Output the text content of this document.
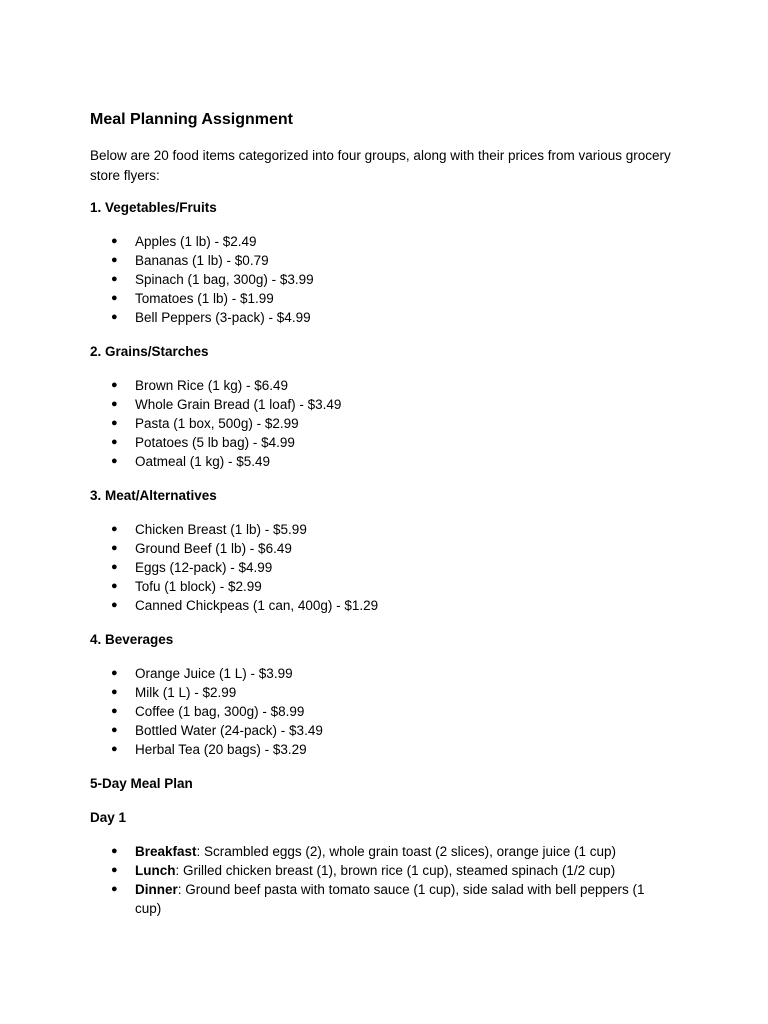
Meal Planning Assignment
Below are 20 food items categorized into four groups, along with their prices from various grocery store flyers:
1. Vegetables/Fruits
● Apples (1 lb) - $2.49
● Bananas (1 lb) - $0.79
● Spinach (1 bag, 300g) - $3.99
● Tomatoes (1 lb) - $1.99
● Bell Peppers (3-pack) - $4.99
2. Grains/Starches
● Brown Rice (1 kg) - $6.49
● Whole Grain Bread (1 loaf) - $3.49
● Pasta (1 box, 500g) - $2.99
● Potatoes (5 lb bag) - $4.99
● Oatmeal (1 kg) - $5.49
3. Meat/Alternatives
● Chicken Breast (1 lb) - $5.99
● Ground Beef (1 lb) - $6.49
● Eggs (12-pack) - $4.99
● Tofu (1 block) - $2.99
● Canned Chickpeas (1 can, 400g) - $1.29
4. Beverages
● Orange Juice (1 L) - $3.99
● Milk (1 L) - $2.99
● Coffee (1 bag, 300g) - $8.99
● Bottled Water (24-pack) - $3.49
● Herbal Tea (20 bags) - $3.29
5-Day Meal Plan
Day 1
● Breakfast: Scrambled eggs (2), whole grain toast (2 slices), orange juice (1 cup)
● Lunch: Grilled chicken breast (1), brown rice (1 cup), steamed spinach (1/2 cup)
● Dinner: Ground beef pasta with tomato sauce (1 cup), side salad with bell peppers (1 cup)
